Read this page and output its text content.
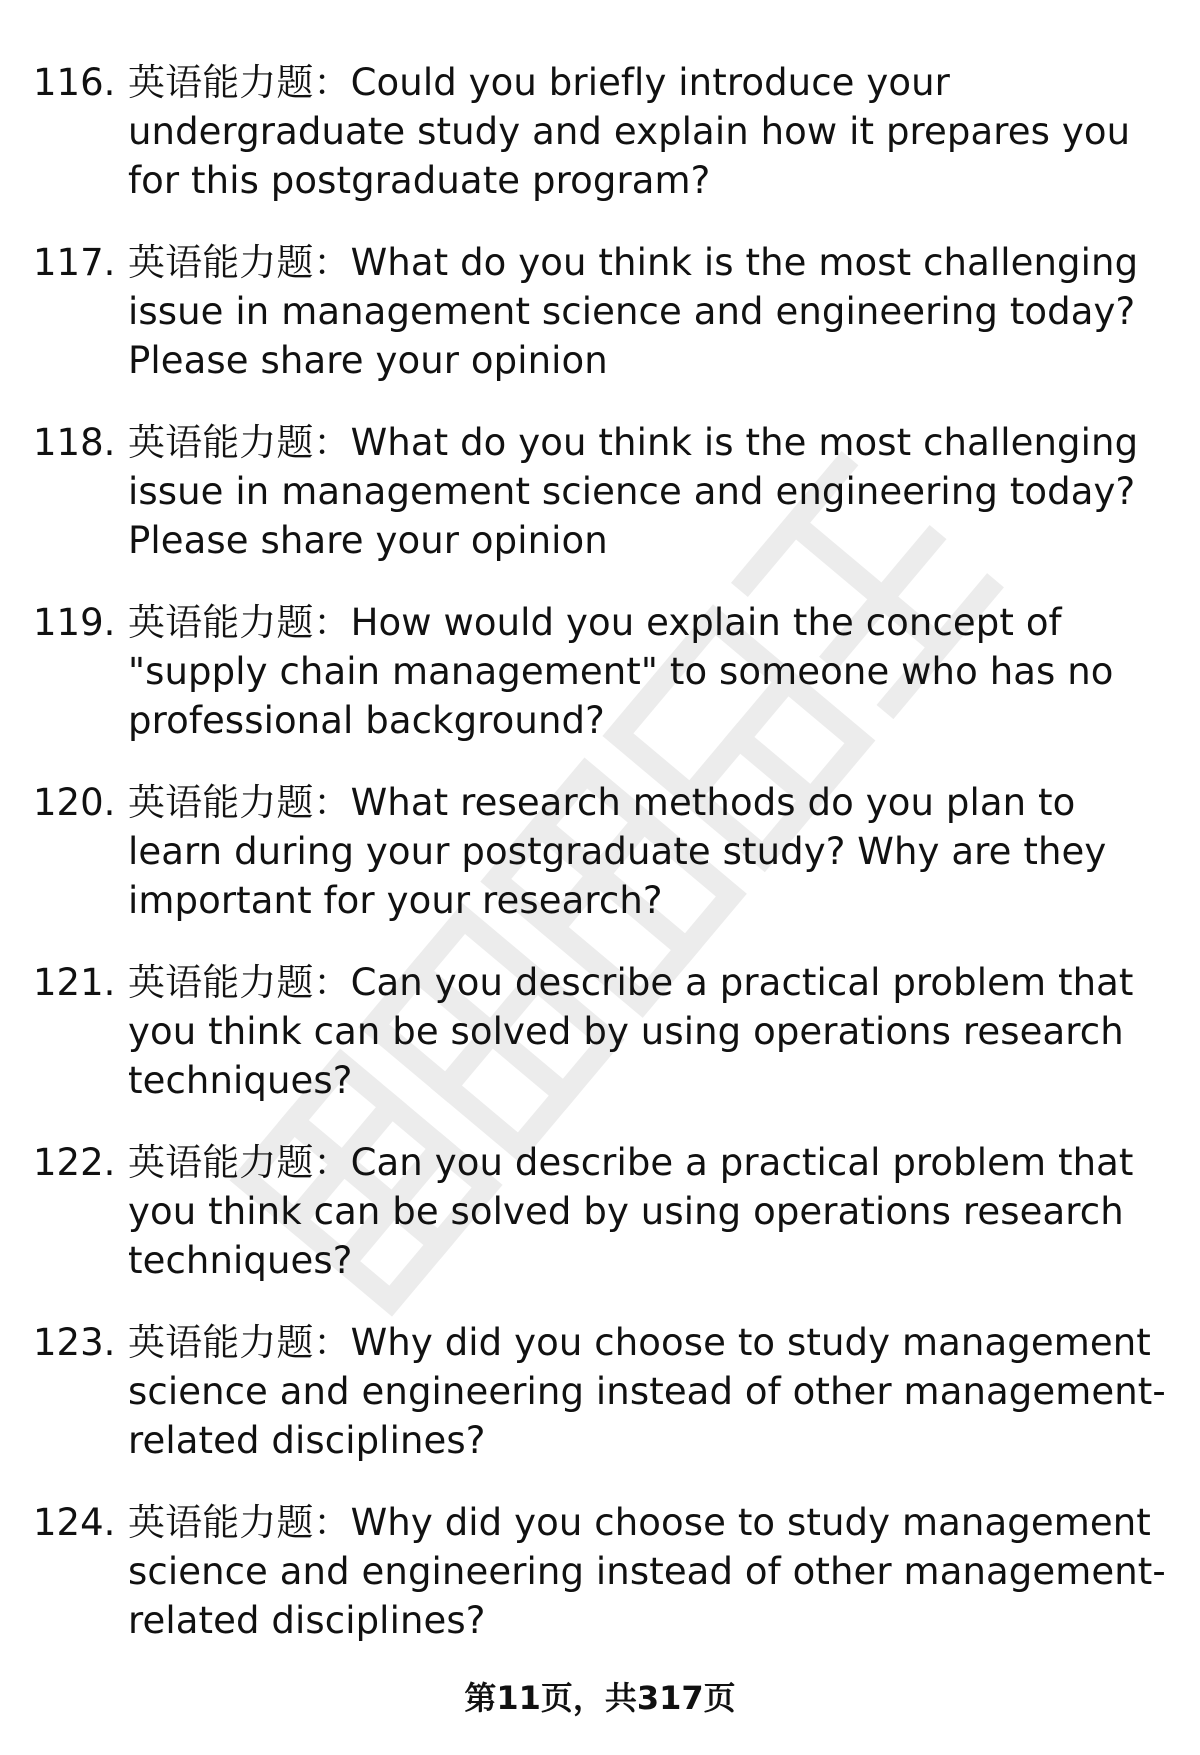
116. 英语能力题：Could you briefly introduce your undergraduate study and explain how it prepares you for this postgraduate program?
117. 英语能力题：What do you think is the most challenging issue in management science and engineering today? Please share your opinion
118. 英语能力题：What do you think is the most challenging issue in management science and engineering today? Please share your opinion
119. 英语能力题：How would you explain the concept of "supply chain management" to someone who has no professional background?
120. 英语能力题：What research methods do you plan to learn during your postgraduate study? Why are they important for your research?
121. 英语能力题：Can you describe a practical problem that you think can be solved by using operations research techniques?
122. 英语能力题：Can you describe a practical problem that you think can be solved by using operations research techniques?
123. 英语能力题：Why did you choose to study management science and engineering instead of other management-related disciplines?
124. 英语能力题：Why did you choose to study management science and engineering instead of other management-related disciplines?
第11页，共317页
